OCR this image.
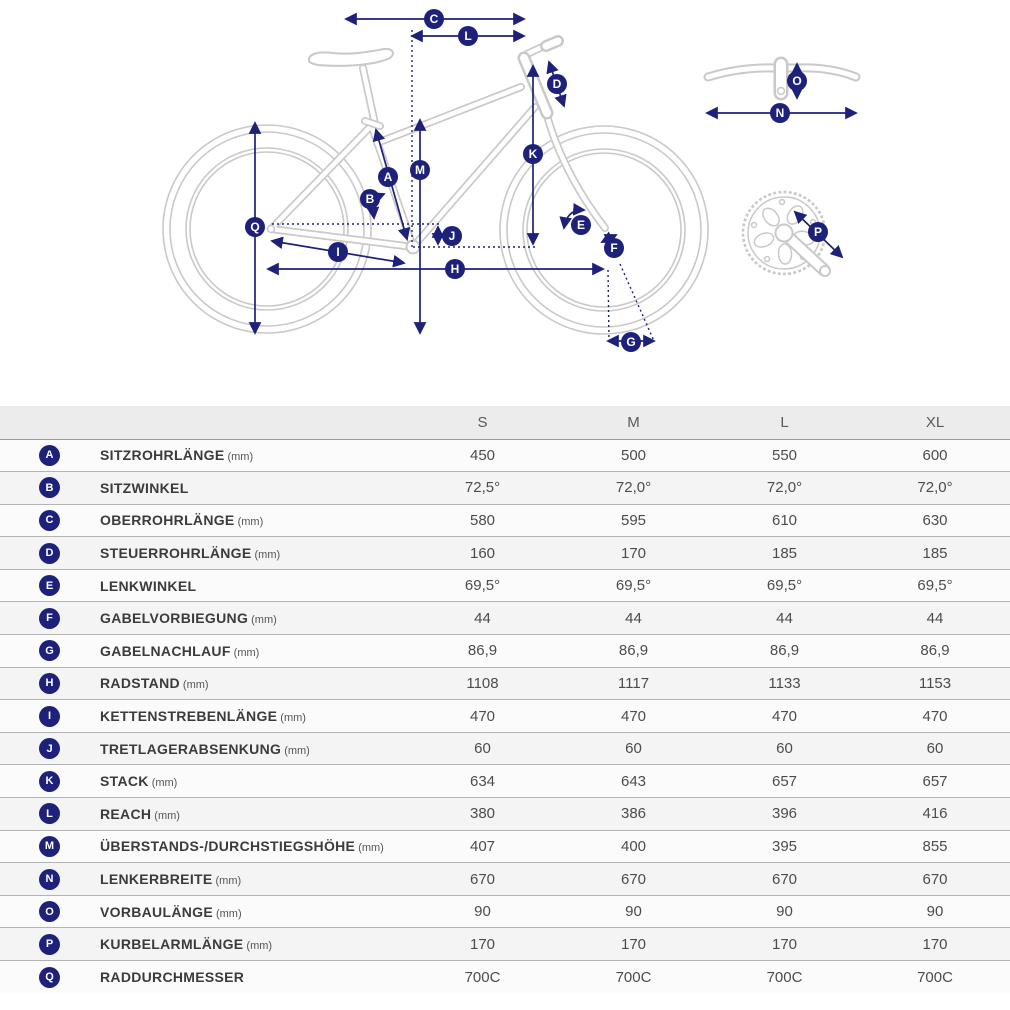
A
B
C
D
E
F
G
H
I
J
K
L
M
N
O
P
Q
	S	M	L	XL

A SITZROHRLÄNGE (mm)	450	500	550	600

B SITZWINKEL	72,5°	72,0°	72,0°	72,0°

C OBERROHRLÄNGE (mm)	580	595	610	630

D STEUERROHRLÄNGE (mm)	160	170	185	185

E LENKWINKEL	69,5°	69,5°	69,5°	69,5°

F GABELVORBIEGUNG (mm)	44	44	44	44

G GABELNACHLAUF (mm)	86,9	86,9	86,9	86,9

H RADSTAND (mm)	1108	1117	1133	1153

I KETTENSTREBENLÄNGE (mm)	470	470	470	470

J TRETLAGERABSENKUNG (mm)	60	60	60	60

K STACK (mm)	634	643	657	657

L REACH (mm)	380	386	396	416

M ÜBERSTANDS-/DURCHSTIEGSHÖHE (mm)	407	400	395	855

N LENKERBREITE (mm)	670	670	670	670

O VORBAULÄNGE (mm)	90	90	90	90

P KURBELARMLÄNGE (mm)	170	170	170	170

Q RADDURCHMESSER	700C	700C	700C	700C
